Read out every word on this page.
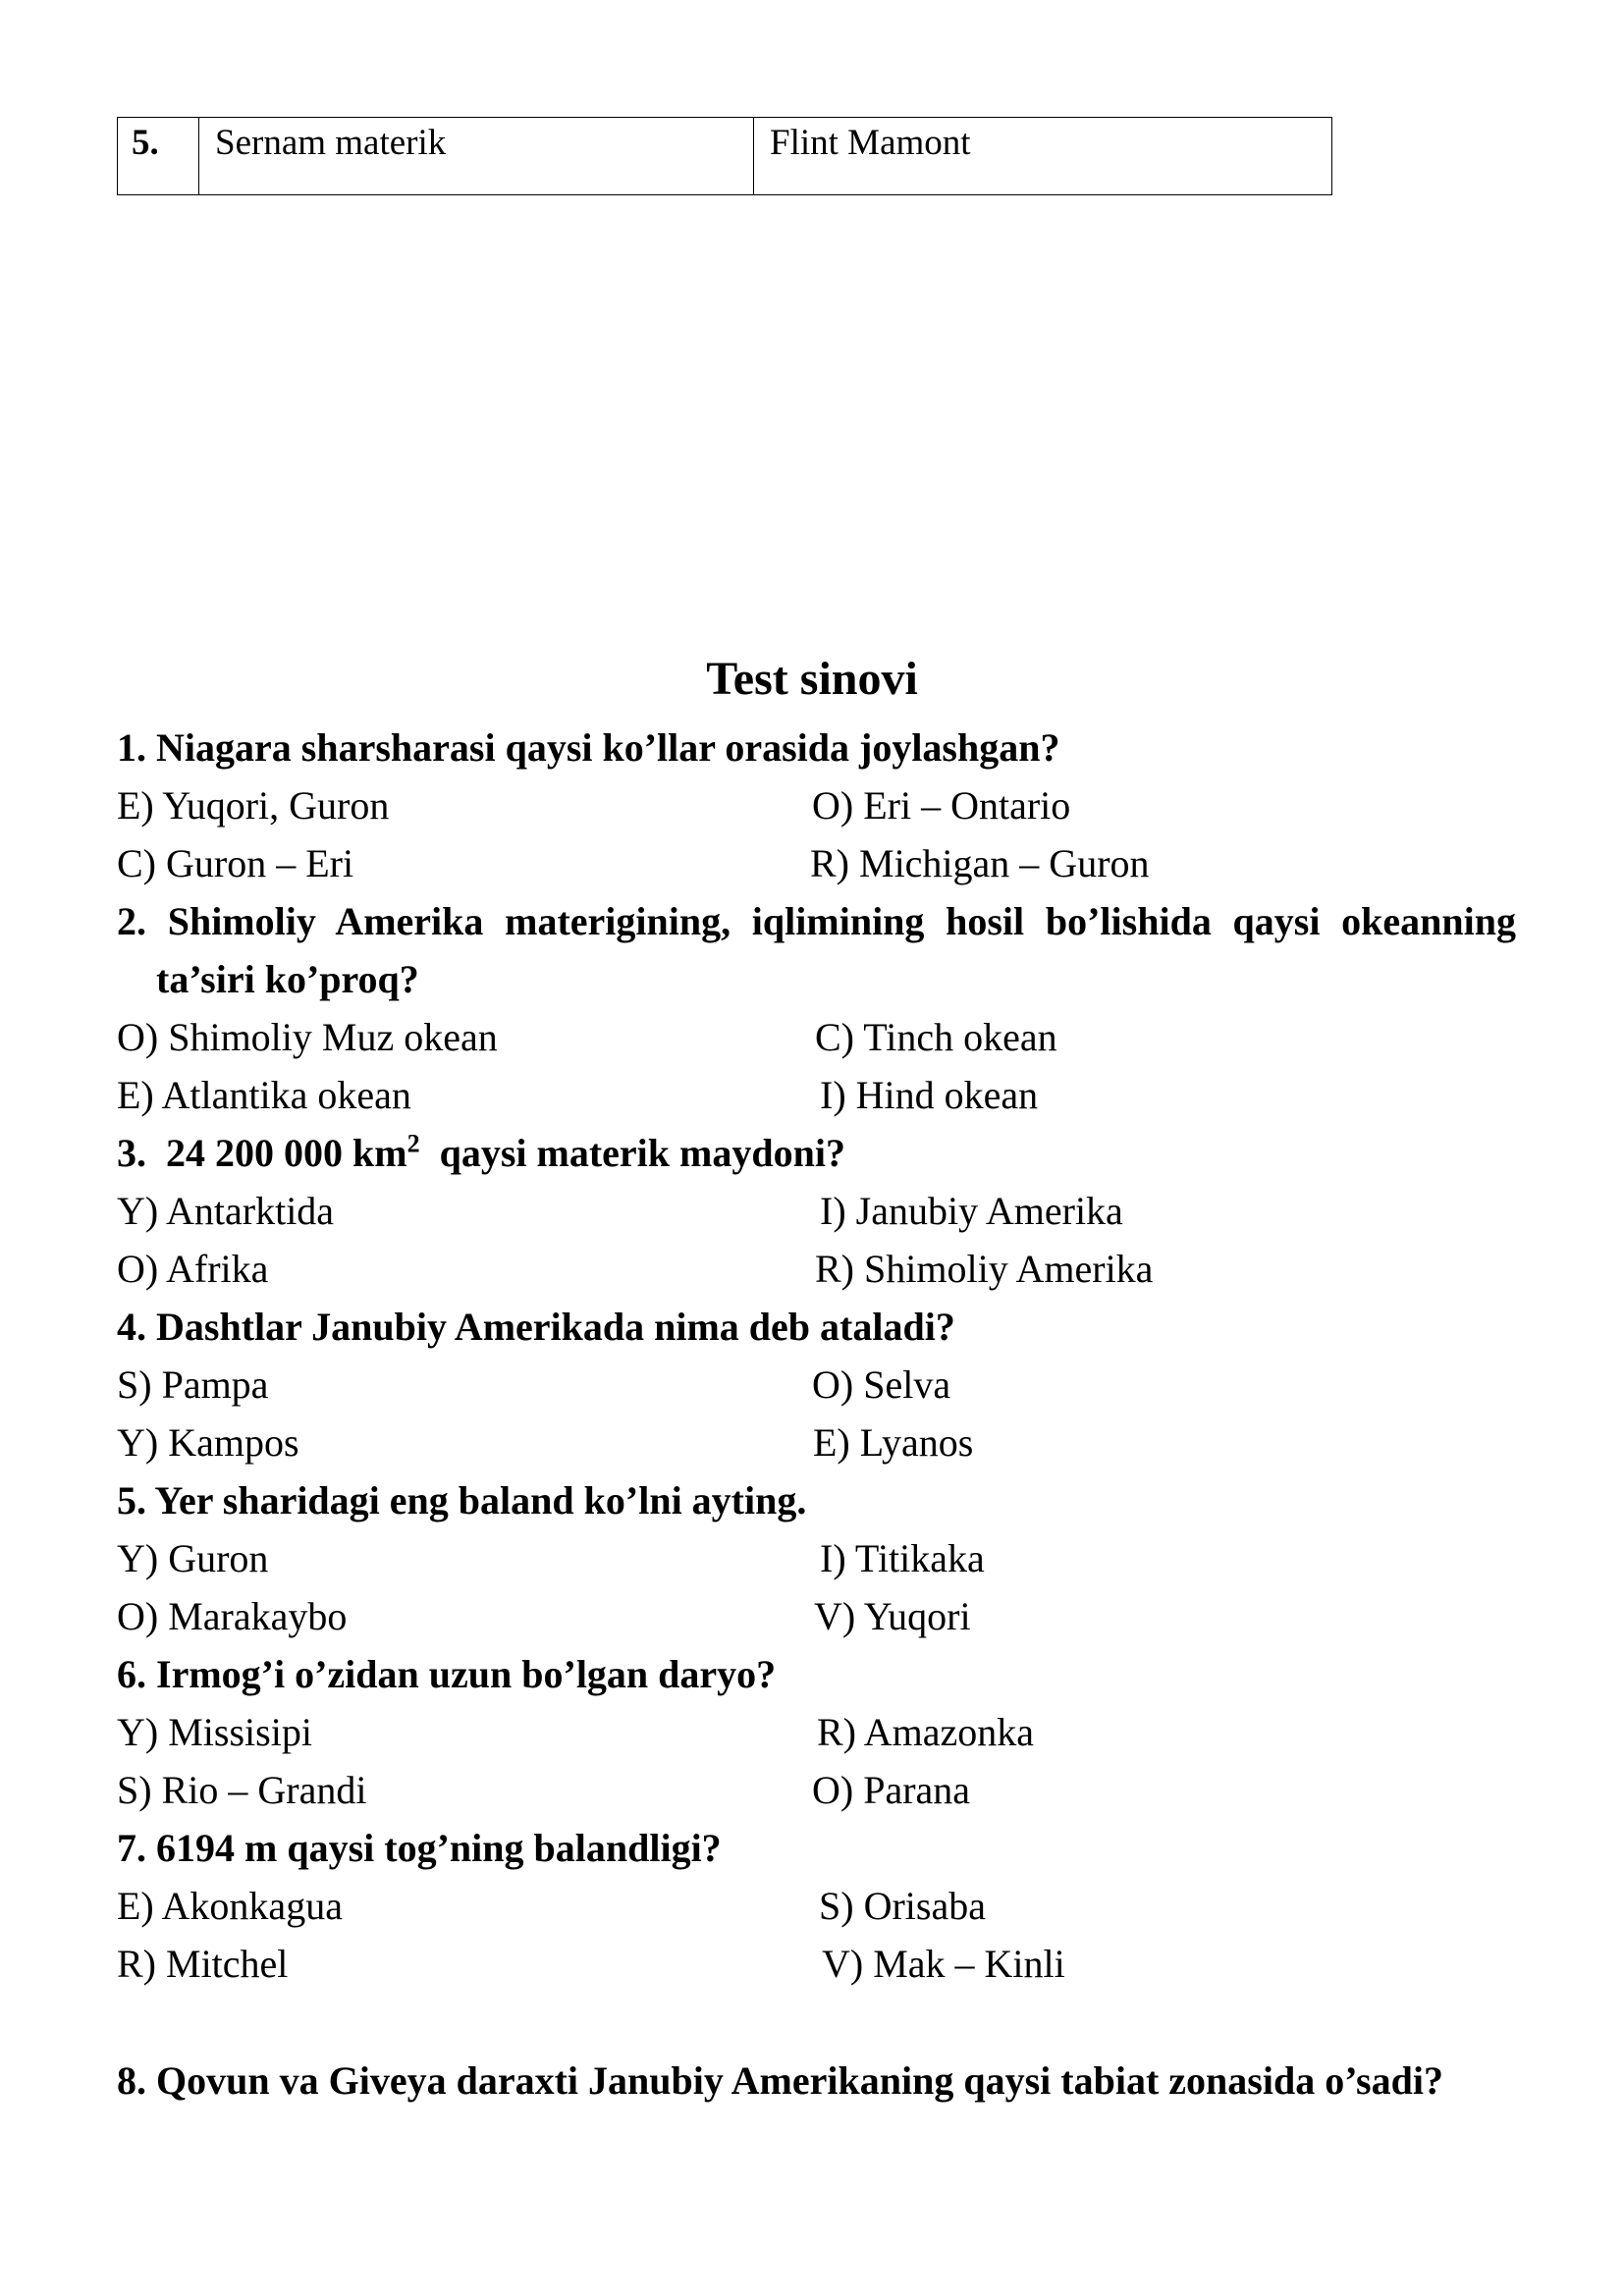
5.	Sernam materik	Flint Mamont
Test sinovi
1. Niagara sharsharasi qaysi ko’llar orasida joylashgan?
E) Yuqori, Guron	O) Eri – Ontario
C) Guron – Eri	R) Michigan – Guron
2. Shimoliy Amerika materigining, iqlimining hosil bo’lishida qaysi okeanning ta’siri ko’proq?
O) Shimoliy Muz okean	C) Tinch okean
E) Atlantika okean	I) Hind okean
3.  24 200 000 $km^2$  qaysi materik maydoni?
Y) Antarktida	I) Janubiy Amerika
O) Afrika	R) Shimoliy Amerika
4. Dashtlar Janubiy Amerikada nima deb ataladi?
S) Pampa	O) Selva
Y) Kampos	E) Lyanos
5. Yer sharidagi eng baland ko’lni ayting.
Y) Guron	I) Titikaka
O) Marakaybo	V) Yuqori
6. Irmog’i o’zidan uzun bo’lgan daryo?
Y) Missisipi	R) Amazonka
S) Rio – Grandi	O) Parana
7. 6194 m qaysi tog’ning balandligi?
E) Akonkagua	S) Orisaba
R) Mitchel	V) Mak – Kinli
8. Qovun va Giveya daraxti Janubiy Amerikaning qaysi tabiat zonasida o’sadi?
